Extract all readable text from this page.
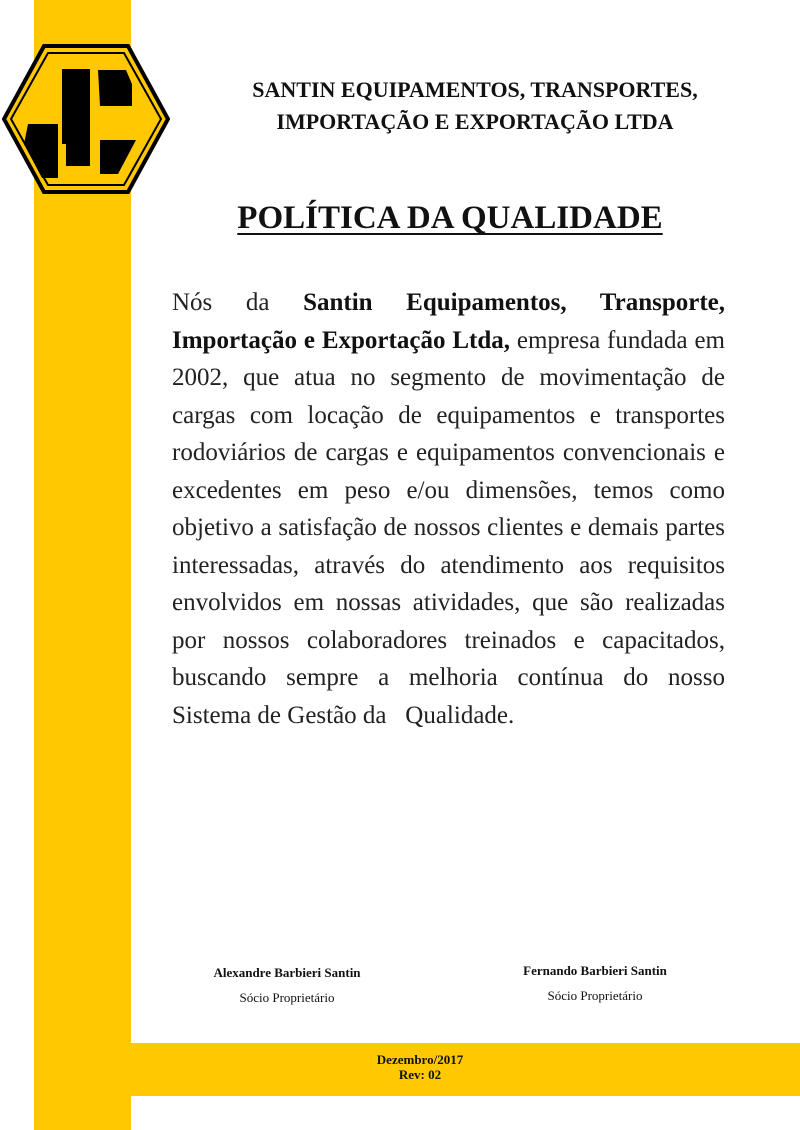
SANTIN EQUIPAMENTOS, TRANSPORTES,
IMPORTAÇÃO E EXPORTAÇÃO LTDA
POLÍTICA DA QUALIDADE
Nós da Santin Equipamentos, Transporte, Importação e Exportação Ltda, empresa fundada em 2002, que atua no segmento de movimentação de cargas com locação de equipamentos e transportes rodoviários de cargas e equipamentos convencionais e excedentes em peso e/ou dimensões, temos como objetivo a satisfação de nossos clientes e demais partes interessadas, através do atendimento aos requisitos envolvidos em nossas atividades, que são realizadas por nossos colaboradores treinados e capacitados, buscando sempre a melhoria contínua do nosso Sistema de Gestão da   Qualidade.
Alexandre Barbieri Santin
Sócio Proprietário
Fernando Barbieri Santin
Sócio Proprietário
Dezembro/2017
Rev: 02
